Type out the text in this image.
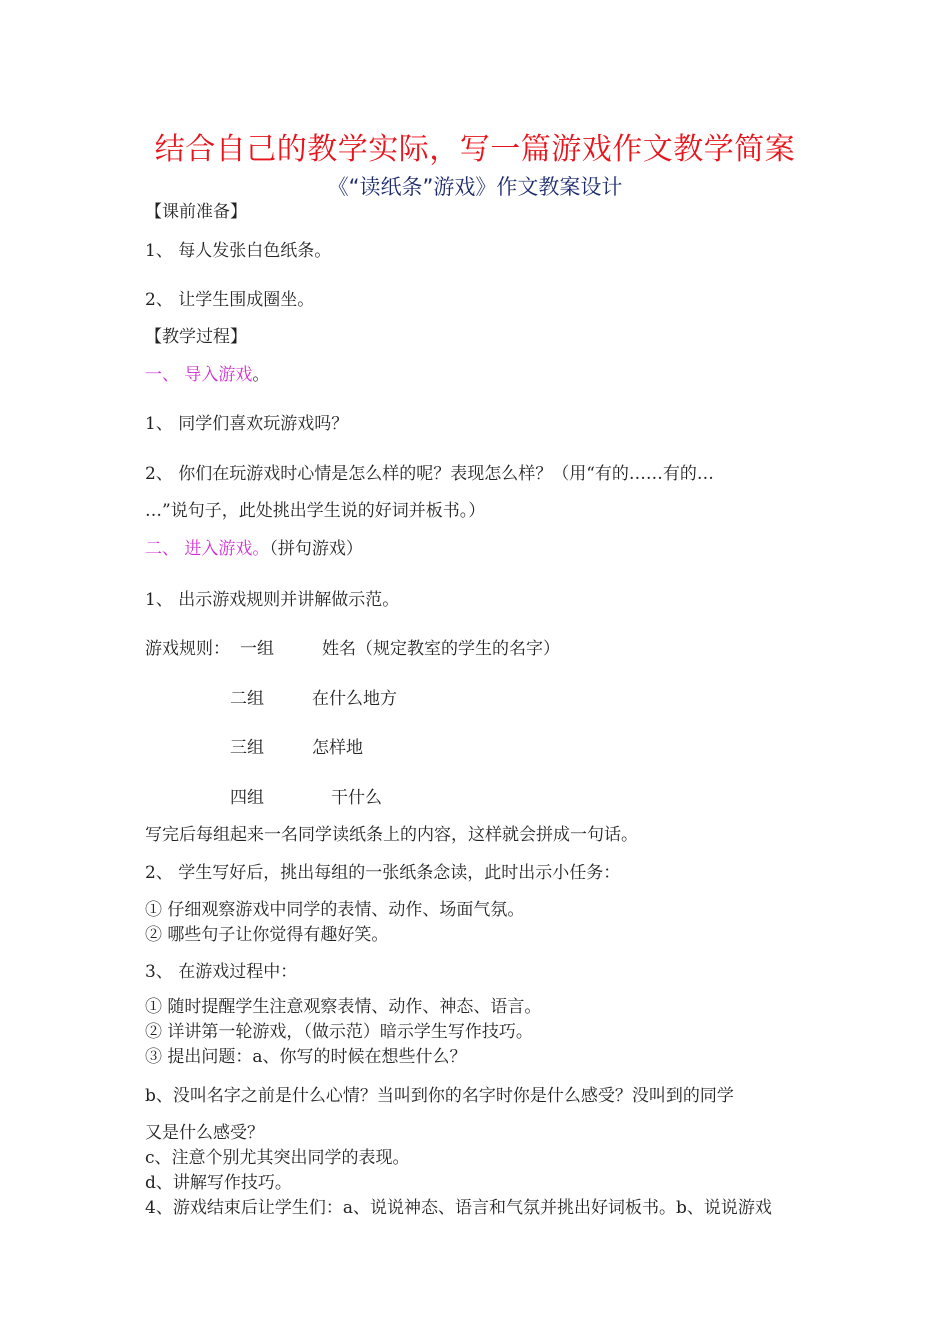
结合自己的教学实际，写一篇游戏作文教学简案
《“读纸条”游戏》作文教案设计
【课前准备】
1、 每人发张白色纸条。
2、 让学生围成圈坐。
【教学过程】
一、 导入游戏。
1、 同学们喜欢玩游戏吗？
2、 你们在玩游戏时心情是怎么样的呢？表现怎么样？（用“有的……有的…
…”说句子，此处挑出学生说的好词并板书。）
二、 进入游戏。（拼句游戏）
1、 出示游戏规则并讲解做示范。
游戏规则： 一组	姓名（规定教室的学生的名字）
二组	在什么地方
三组	怎样地
四组	干什么
写完后每组起来一名同学读纸条上的内容，这样就会拼成一句话。
2、 学生写好后，挑出每组的一张纸条念读，此时出示小任务：
① 仔细观察游戏中同学的表情、动作、场面气氛。
② 哪些句子让你觉得有趣好笑。
3、 在游戏过程中：
① 随时提醒学生注意观察表情、动作、神态、语言。
② 详讲第一轮游戏，（做示范）暗示学生写作技巧。
③ 提出问题：a、你写的时候在想些什么？
b、没叫名字之前是什么心情？当叫到你的名字时你是什么感受？没叫到的同学
又是什么感受？
c、注意个别尤其突出同学的表现。
d、讲解写作技巧。
4、游戏结束后让学生们：a、说说神态、语言和气氛并挑出好词板书。b、说说游戏
